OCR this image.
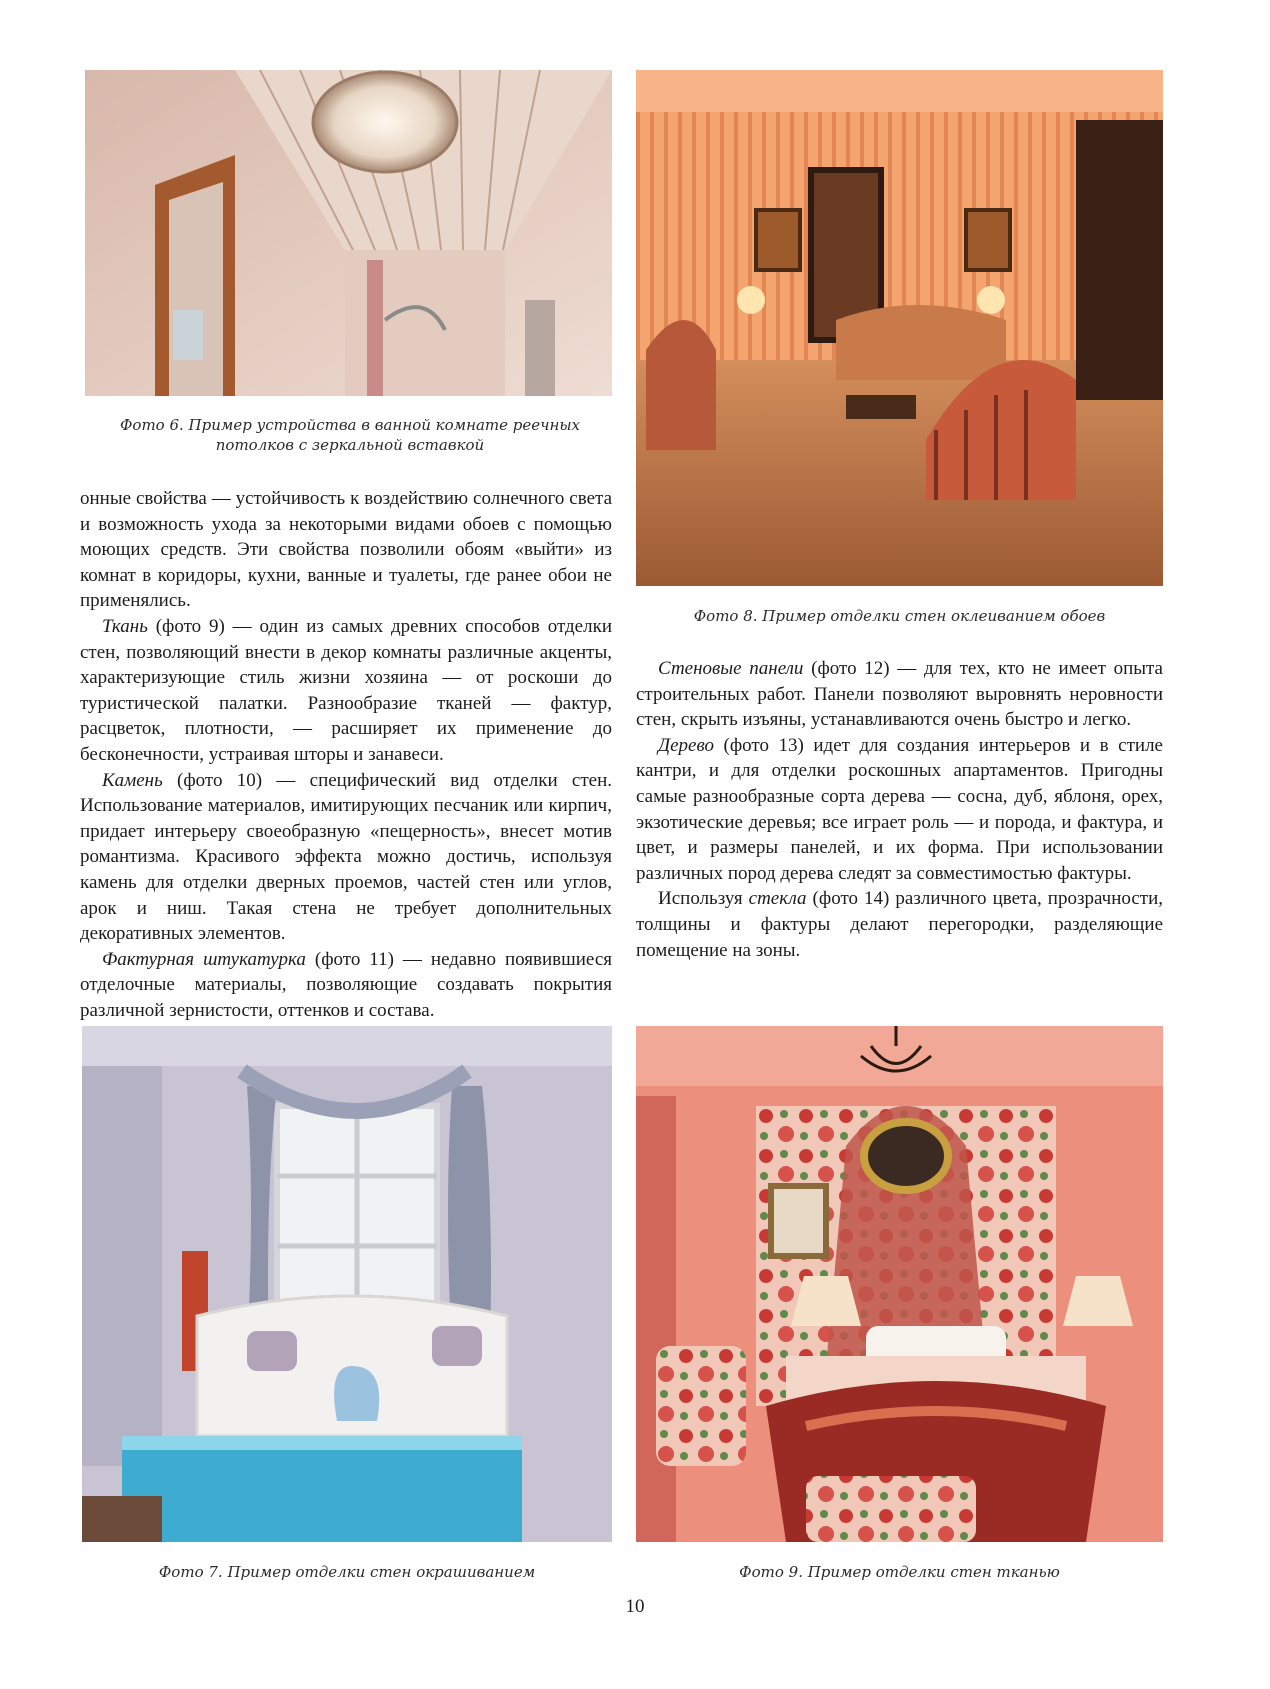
Фото 6. Пример устройства в ванной комнате реечных потолков с зеркальной вставкой
Фото 8. Пример отделки стен оклеиванием обоев

онные свойства — устойчивость к воздействию солнечного света и возможность ухода за некоторыми видами обоев с помощью моющих средств. Эти свойства позволили обоям «выйти» из комнат в коридоры, кухни, ванные и туалеты, где ранее обои не применялись.

Ткань (фото 9) — один из самых древних способов отделки стен, позволяющий внести в декор комнаты различные акценты, характеризующие стиль жизни хозяина — от роскоши до туристической палатки. Разнообразие тканей — фактур, расцветок, плотности, — расширяет их применение до бесконечности, устраивая шторы и занавеси.

Камень (фото 10) — специфический вид отделки стен. Использование материалов, имитирующих песчаник или кирпич, придает интерьеру своеобразную «пещерность», внесет мотив романтизма. Красивого эффекта можно достичь, используя камень для отделки дверных проемов, частей стен или углов, арок и ниш. Такая стена не требует дополнительных декоративных элементов.

Фактурная штукатурка (фото 11) — недавно появившиеся отделочные материалы, позволяющие создавать покрытия различной зернистости, оттенков и состава.

Стеновые панели (фото 12) — для тех, кто не имеет опыта строительных работ. Панели позволяют выровнять неровности стен, скрыть изъяны, устанавливаются очень быстро и легко.

Дерево (фото 13) идет для создания интерьеров и в стиле кантри, и для отделки роскошных апартаментов. Пригодны самые разнообразные сорта дерева — сосна, дуб, яблоня, орех, экзотические деревья; все играет роль — и порода, и фактура, и цвет, и размеры панелей, и их форма. При использовании различных пород дерева следят за совместимостью фактуры.

Используя стекла (фото 14) различного цвета, прозрачности, толщины и фактуры делают перегородки, разделяющие помещение на зоны.

Фото 7. Пример отделки стен окрашиванием	Фото 9. Пример отделки стен тканью
10
